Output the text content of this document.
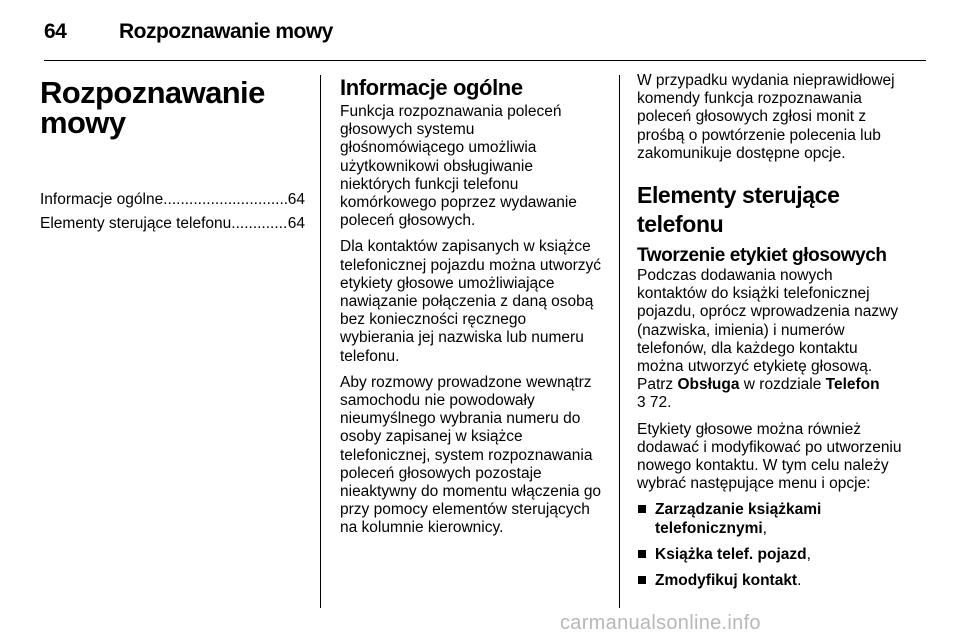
64	Rozpoznawanie mowy
Rozpoznawanie
mowy
Informacje ogólne .....	64
Elementy sterujące telefonu .....	64
Informacje ogólne

Funkcja rozpoznawania poleceń głosowych systemu głośnomówiącego umożliwia użytkownikowi obsługiwanie niektórych funkcji telefonu komórkowego poprzez wydawanie poleceń głosowych.

Dla kontaktów zapisanych w książce telefonicznej pojazdu można utworzyć etykiety głosowe umożliwiające nawiązanie połączenia z daną osobą bez konieczności ręcznego wybierania jej nazwiska lub numeru telefonu.

Aby rozmowy prowadzone wewnątrz samochodu nie powodowały nieumyślnego wybrania numeru do osoby zapisanej w książce telefonicznej, system rozpoznawania poleceń głosowych pozostaje nieaktywny do momentu włączenia go przy pomocy elementów sterujących na kolumnie kierownicy.

W przypadku wydania nieprawidłowej komendy funkcja rozpoznawania poleceń głosowych zgłosi monit z prośbą o powtórzenie polecenia lub zakomunikuje dostępne opcje.

Elementy sterujące
telefonu
Tworzenie etykiet głosowych

Podczas dodawania nowych kontaktów do książki telefonicznej pojazdu, oprócz wprowadzenia nazwy (nazwiska, imienia) i numerów telefonów, dla każdego kontaktu można utworzyć etykietę głosową. Patrz Obsługa w rozdziale Telefon
3 72.

Etykiety głosowe można również dodawać i modyfikować po utworzeniu nowego kontaktu. W tym celu należy wybrać następujące menu i opcje:

Zarządzanie książkami telefonicznymi,
Książka telef. pojazd,
Zmodyfikuj kontakt.
carmanualsonline.info
